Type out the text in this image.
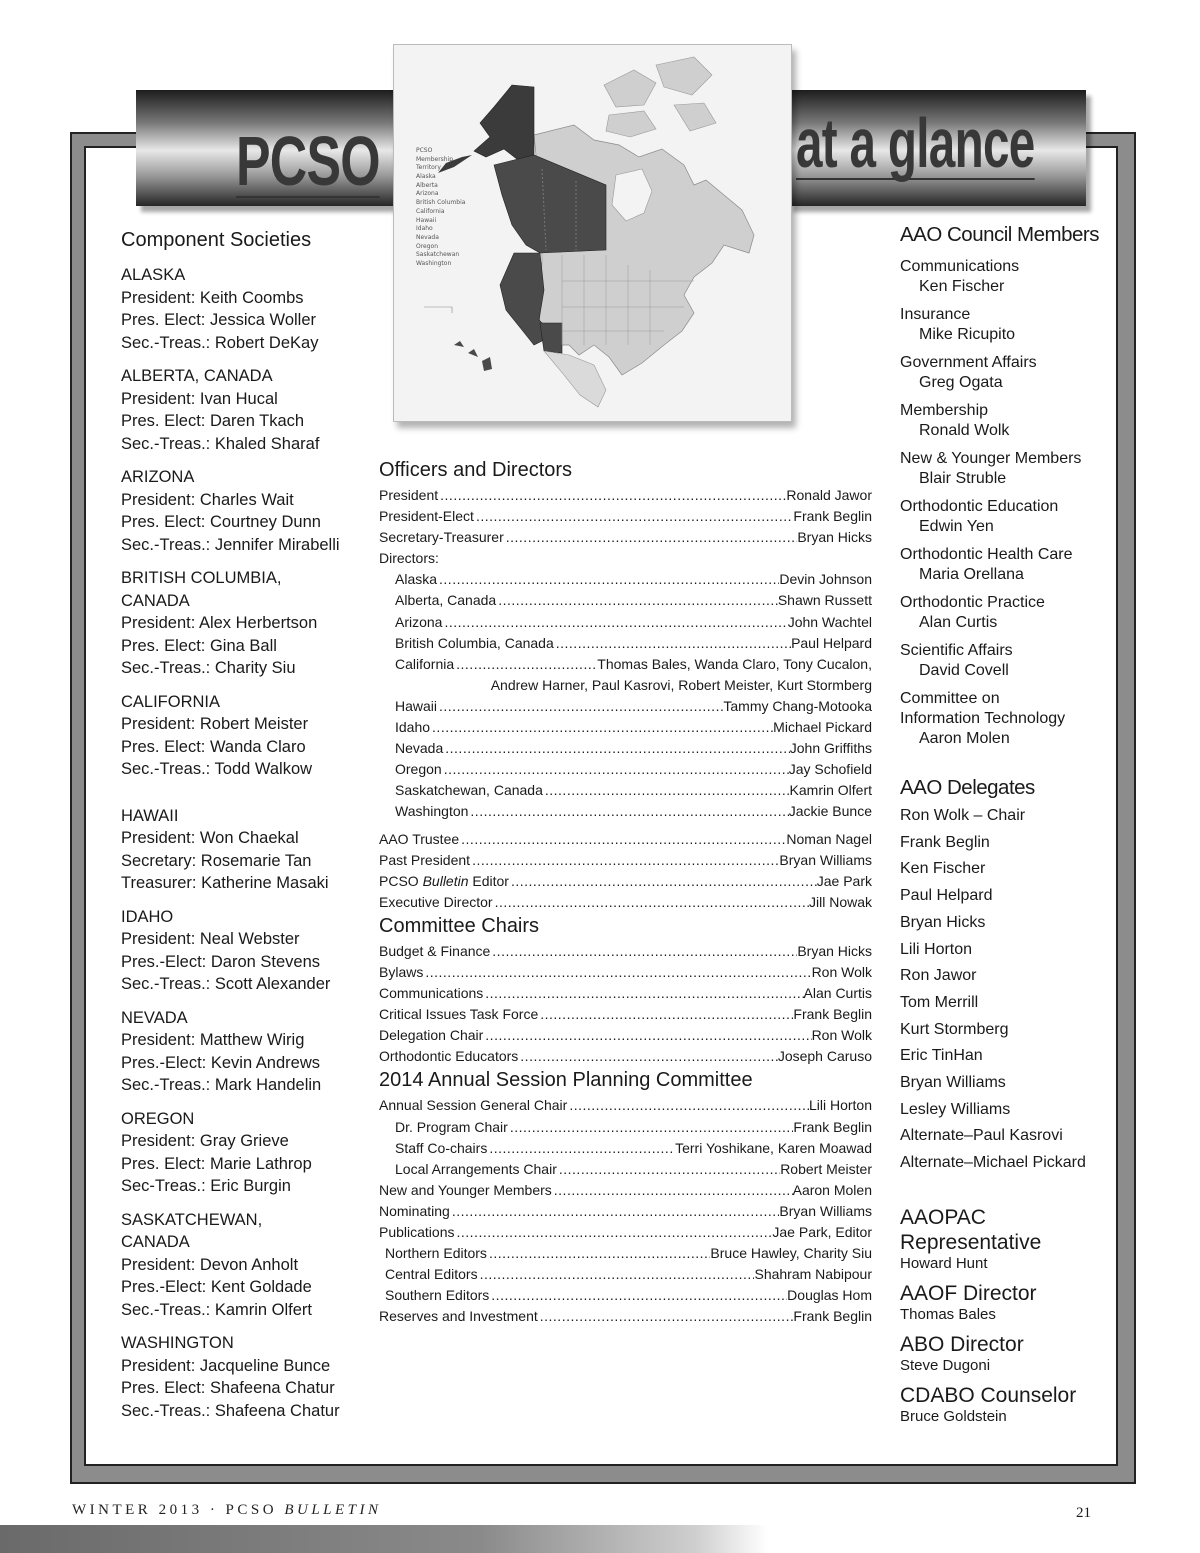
PCSO	at a glance
PCSO
Membership
Territory
Alaska
Alberta
Arizona
British Columbia
California
Hawaii
Idaho
Nevada
Oregon
Saskatchewan
Washington
Component Societies
ALASKA
President: Keith Coombs
Pres. Elect: Jessica Woller
Sec.-Treas.: Robert DeKay
ALBERTA, CANADA
President: Ivan Hucal
Pres. Elect: Daren Tkach
Sec.-Treas.: Khaled Sharaf
ARIZONA
President: Charles Wait
Pres. Elect: Courtney Dunn
Sec.-Treas.: Jennifer Mirabelli
BRITISH COLUMBIA,
CANADA
President: Alex Herbertson
Pres. Elect: Gina Ball
Sec.-Treas.: Charity Siu
CALIFORNIA
President: Robert Meister
Pres. Elect: Wanda Claro
Sec.-Treas.: Todd Walkow
HAWAII
President: Won Chaekal
Secretary: Rosemarie Tan
Treasurer: Katherine Masaki
IDAHO
President: Neal Webster
Pres.-Elect: Daron Stevens
Sec.-Treas.: Scott Alexander
NEVADA
President: Matthew Wirig
Pres.-Elect: Kevin Andrews
Sec.-Treas.: Mark Handelin
OREGON
President: Gray Grieve
Pres. Elect: Marie Lathrop
Sec-Treas.: Eric Burgin
SASKATCHEWAN,
CANADA
President: Devon Anholt
Pres.-Elect: Kent Goldade
Sec.-Treas.: Kamrin Olfert
WASHINGTON
President: Jacqueline Bunce
Pres. Elect: Shafeena Chatur
Sec.-Treas.: Shafeena Chatur
Officers and Directors
President .....	Ronald Jawor
President-Elect .....	Frank Beglin
Secretary-Treasurer .....	Bryan Hicks
Directors:
Alaska .....	Devin Johnson
Alberta, Canada .....	Shawn Russett
Arizona .....	John Wachtel
British Columbia, Canada .....	Paul Helpard
California .....	Thomas Bales, Wanda Claro, Tony Cucalon,
Andrew Harner, Paul Kasrovi, Robert Meister, Kurt Stormberg
Hawaii .....	Tammy Chang-Motooka
Idaho .....	Michael Pickard
Nevada .....	John Griffiths
Oregon .....	Jay Schofield
Saskatchewan, Canada .....	Kamrin Olfert
Washington .....	Jackie Bunce
AAO Trustee .....	Noman Nagel
Past President .....	Bryan Williams
PCSO Bulletin Editor .....	Jae Park
Executive Director .....	Jill Nowak
Committee Chairs
Budget & Finance .....	Bryan Hicks
Bylaws .....	Ron Wolk
Communications .....	Alan Curtis
Critical Issues Task Force .....	Frank Beglin
Delegation Chair .....	Ron Wolk
Orthodontic Educators .....	Joseph Caruso
2014 Annual Session Planning Committee
Annual Session General Chair .....	Lili Horton
Dr. Program Chair .....	Frank Beglin
Staff Co-chairs .....	Terri Yoshikane, Karen Moawad
Local Arrangements Chair .....	Robert Meister
New and Younger Members .....	Aaron Molen
Nominating .....	Bryan Williams
Publications .....	Jae Park, Editor
Northern Editors .....	Bruce Hawley, Charity Siu
Central Editors .....	Shahram Nabipour
Southern Editors .....	Douglas Hom
Reserves and Investment .....	Frank Beglin
AAO Council Members
Communications
Ken Fischer
Insurance
Mike Ricupito
Government Affairs
Greg Ogata
Membership
Ronald Wolk
New & Younger Members
Blair Struble
Orthodontic Education
Edwin Yen
Orthodontic Health Care
Maria Orellana
Orthodontic Practice
Alan Curtis
Scientific Affairs
David Covell
Committee on
Information Technology
Aaron Molen
AAO Delegates
Ron Wolk – Chair
Frank Beglin
Ken Fischer
Paul Helpard
Bryan Hicks
Lili Horton
Ron Jawor
Tom Merrill
Kurt Stormberg
Eric TinHan
Bryan Williams
Lesley Williams
Alternate–Paul Kasrovi
Alternate–Michael Pickard
AAOPAC
Representative
Howard Hunt
AAOF Director
Thomas Bales
ABO Director
Steve Dugoni
CDABO Counselor
Bruce Goldstein
WINTER 2013 · PCSO BULLETIN	21
